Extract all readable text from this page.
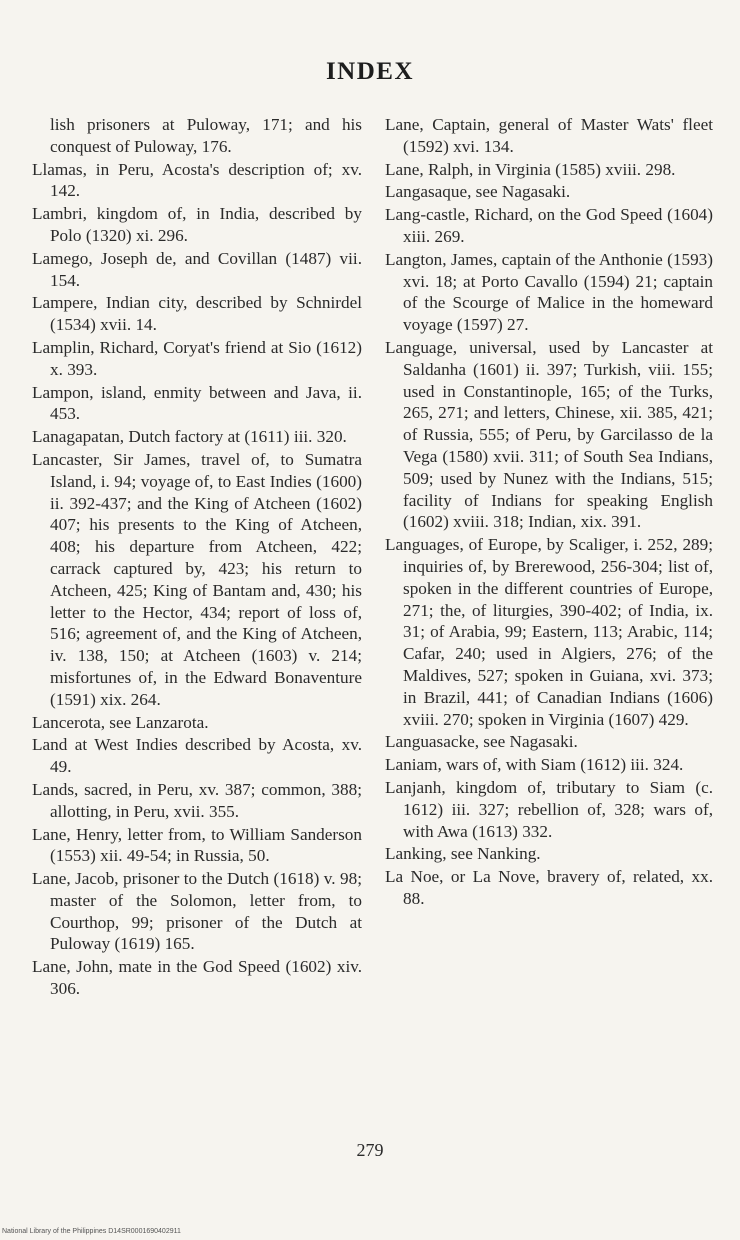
INDEX

lish prisoners at Puloway, 171; and his conquest of Puloway, 176.

Llamas, in Peru, Acosta's description of; xv. 142.

Lambri, kingdom of, in India, described by Polo (1320) xi. 296.

Lamego, Joseph de, and Covillan (1487) vii. 154.

Lampere, Indian city, described by Schnirdel (1534) xvii. 14.

Lamplin, Richard, Coryat's friend at Sio (1612) x. 393.

Lampon, island, enmity between and Java, ii. 453.

Lanagapatan, Dutch factory at (1611) iii. 320.

Lancaster, Sir James, travel of, to Sumatra Island, i. 94; voyage of, to East Indies (1600) ii. 392-437; and the King of Atcheen (1602) 407; his presents to the King of Atcheen, 408; his departure from Atcheen, 422; carrack captured by, 423; his return to Atcheen, 425; King of Bantam and, 430; his letter to the Hector, 434; report of loss of, 516; agreement of, and the King of Atcheen, iv. 138, 150; at Atcheen (1603) v. 214; misfortunes of, in the Edward Bonaventure (1591) xix. 264.

Lancerota, see Lanzarota.

Land at West Indies described by Acosta, xv. 49.

Lands, sacred, in Peru, xv. 387; common, 388; allotting, in Peru, xvii. 355.

Lane, Henry, letter from, to William Sanderson (1553) xii. 49-54; in Russia, 50.

Lane, Jacob, prisoner to the Dutch (1618) v. 98; master of the Solomon, letter from, to Courthop, 99; prisoner of the Dutch at Puloway (1619) 165.

Lane, John, mate in the God Speed (1602) xiv. 306.

Lane, Captain, general of Master Wats' fleet (1592) xvi. 134.

Lane, Ralph, in Virginia (1585) xviii. 298.

Langasaque, see Nagasaki.

Lang-castle, Richard, on the God Speed (1604) xiii. 269.

Langton, James, captain of the Anthonie (1593) xvi. 18; at Porto Cavallo (1594) 21; captain of the Scourge of Malice in the homeward voyage (1597) 27.

Language, universal, used by Lancaster at Saldanha (1601) ii. 397; Turkish, viii. 155; used in Constantinople, 165; of the Turks, 265, 271; and letters, Chinese, xii. 385, 421; of Russia, 555; of Peru, by Garcilasso de la Vega (1580) xvii. 311; of South Sea Indians, 509; used by Nunez with the Indians, 515; facility of Indians for speaking English (1602) xviii. 318; Indian, xix. 391.

Languages, of Europe, by Scaliger, i. 252, 289; inquiries of, by Brerewood, 256-304; list of, spoken in the different countries of Europe, 271; the, of liturgies, 390-402; of India, ix. 31; of Arabia, 99; Eastern, 113; Arabic, 114; Cafar, 240; used in Algiers, 276; of the Maldives, 527; spoken in Guiana, xvi. 373; in Brazil, 441; of Canadian Indians (1606) xviii. 270; spoken in Virginia (1607) 429.

Languasacke, see Nagasaki.

Laniam, wars of, with Siam (1612) iii. 324.

Lanjanh, kingdom of, tributary to Siam (c. 1612) iii. 327; rebellion of, 328; wars of, with Awa (1613) 332.

Lanking, see Nanking.

La Noe, or La Nove, bravery of, related, xx. 88.

279
National Library of the Philippines D14SR0001690402911
